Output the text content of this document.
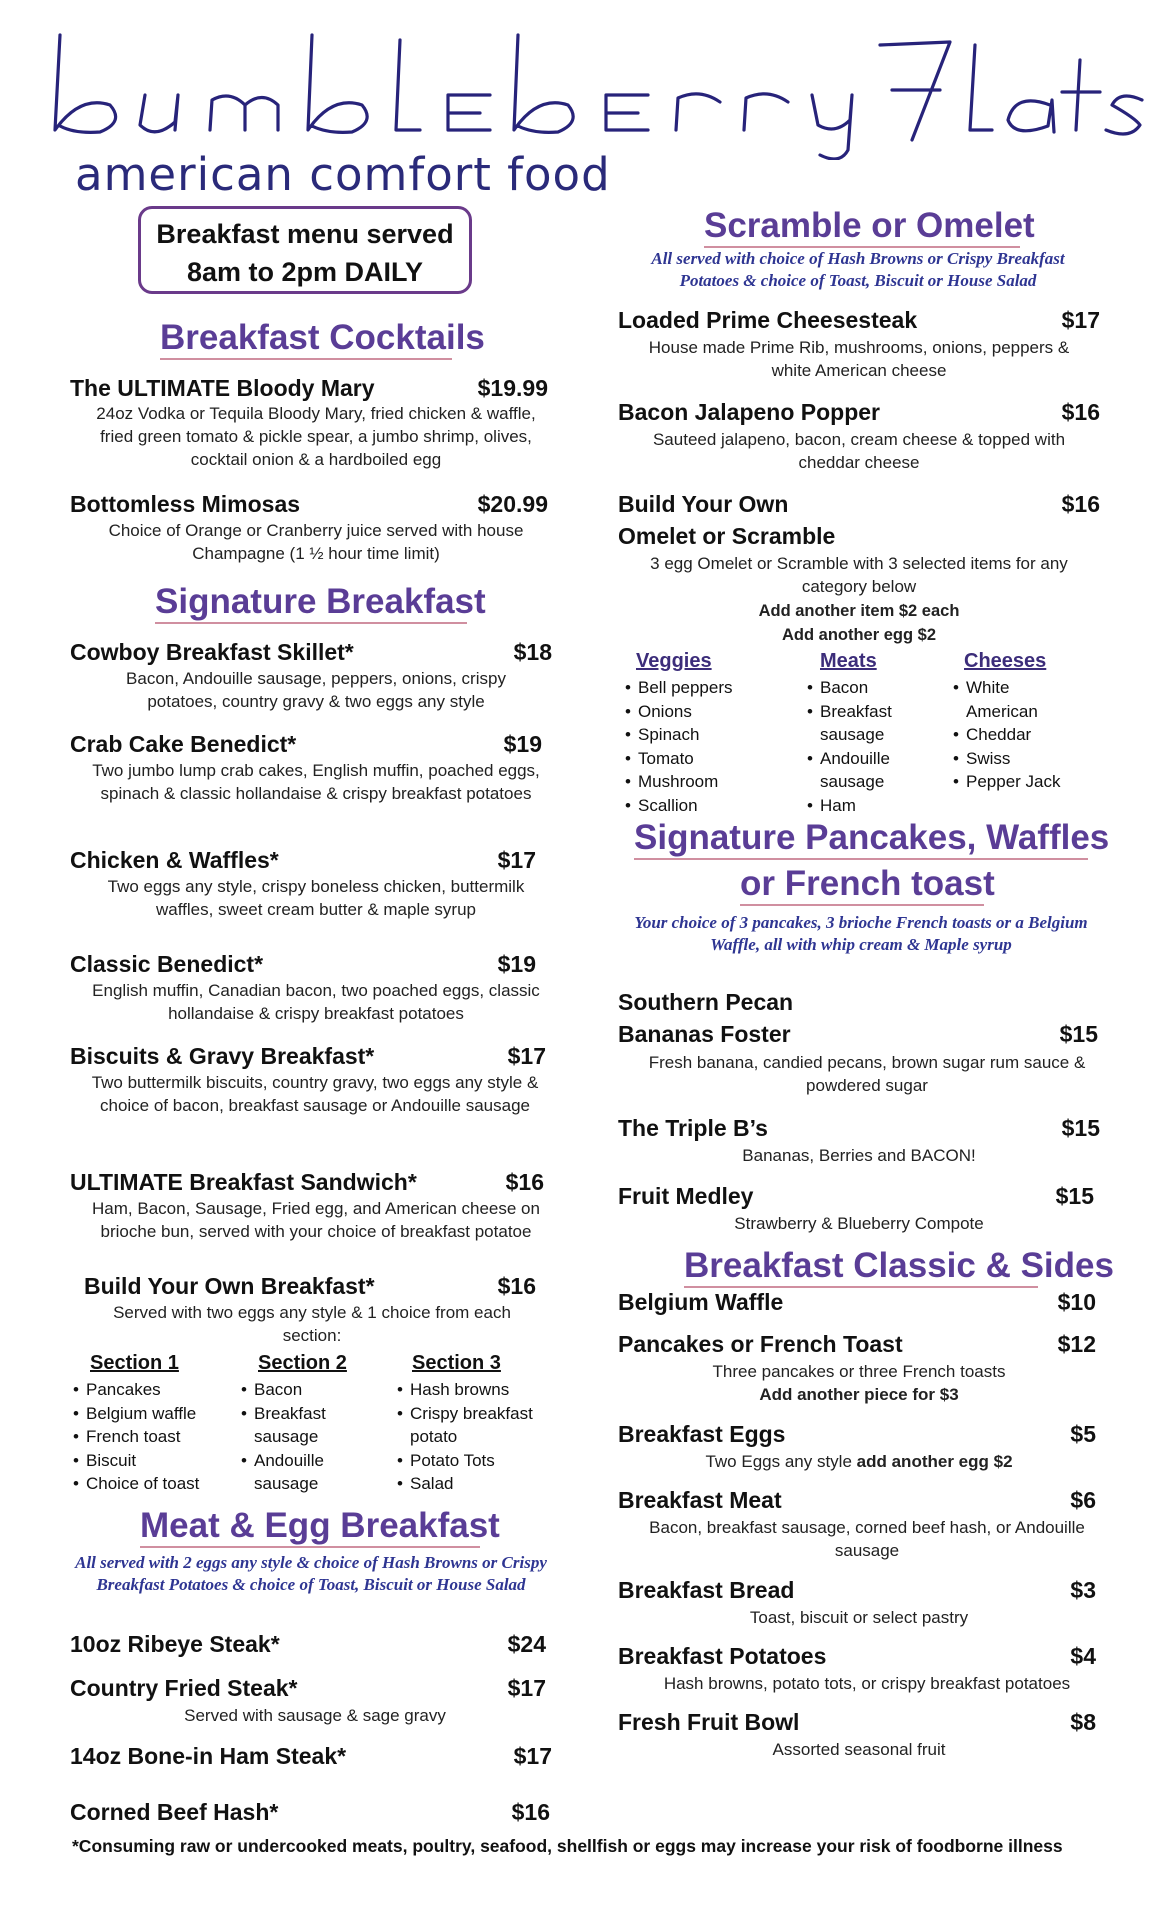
american comfort food
Breakfast menu served
8am to 2pm DAILY
Breakfast Cocktails
The ULTIMATE Bloody Mary	$19.99
24oz Vodka or Tequila Bloody Mary, fried chicken & waffle, fried green tomato & pickle spear, a jumbo shrimp, olives, cocktail onion & a hardboiled egg
Bottomless Mimosas	$20.99
Choice of Orange or Cranberry juice served with house Champagne (1 ½ hour time limit)
Signature Breakfast
Cowboy Breakfast Skillet*	$18
Bacon, Andouille sausage, peppers, onions, crispy potatoes, country gravy & two eggs any style
Crab Cake Benedict*	$19
Two jumbo lump crab cakes, English muffin, poached eggs, spinach & classic hollandaise & crispy breakfast potatoes
Chicken & Waffles*	$17
Two eggs any style, crispy boneless chicken, buttermilk waffles, sweet cream butter & maple syrup
Classic Benedict*	$19
English muffin, Canadian bacon, two poached eggs, classic hollandaise & crispy breakfast potatoes
Biscuits & Gravy Breakfast*	$17
Two buttermilk biscuits, country gravy, two eggs any style & choice of bacon, breakfast sausage or Andouille sausage
ULTIMATE Breakfast Sandwich*	$16
Ham, Bacon, Sausage, Fried egg, and American cheese on brioche bun, served with your choice of breakfast potatoe
Build Your Own Breakfast*	$16
Served with two eggs any style & 1 choice from each section:
Section 1
• Pancakes
• Belgium waffle
• French toast
• Biscuit
• Choice of toast
Section 2
• Bacon
• Breakfast sausage
• Andouille sausage
Section 3
• Hash browns
• Crispy breakfast potato
• Potato Tots
• Salad
Meat & Egg Breakfast
All served with 2 eggs any style & choice of Hash Browns or Crispy Breakfast Potatoes & choice of Toast, Biscuit or House Salad
10oz Ribeye Steak*	$24
Country Fried Steak*	$17
Served with sausage & sage gravy
14oz Bone-in Ham Steak*	$17
Corned Beef Hash*	$16
Scramble or Omelet
All served with choice of Hash Browns or Crispy Breakfast Potatoes & choice of Toast, Biscuit or House Salad
Loaded Prime Cheesesteak	$17
House made Prime Rib, mushrooms, onions, peppers & white American cheese
Bacon Jalapeno Popper	$16
Sauteed jalapeno, bacon, cream cheese & topped with cheddar cheese
Build Your Own	$16
Omelet or Scramble
3 egg Omelet or Scramble with 3 selected items for any category below
Add another item $2 each
Add another egg $2
Veggies
• Bell peppers
• Onions
• Spinach
• Tomato
• Mushroom
• Scallion
Meats
• Bacon
• Breakfast sausage
• Andouille sausage
• Ham
Cheeses
• White American
• Cheddar
• Swiss
• Pepper Jack
Signature Pancakes, Waffles
or French toast
Your choice of 3 pancakes, 3 brioche French toasts or a Belgium Waffle, all with whip cream & Maple syrup
Southern Pecan
Bananas Foster	$15
Fresh banana, candied pecans, brown sugar rum sauce & powdered sugar
The Triple B’s	$15
Bananas, Berries and BACON!
Fruit Medley	$15
Strawberry & Blueberry Compote
Breakfast Classic & Sides
Belgium Waffle	$10
Pancakes or French Toast	$12
Three pancakes or three French toasts
Add another piece for $3
Breakfast Eggs	$5
Two Eggs any style add another egg $2
Breakfast Meat	$6
Bacon, breakfast sausage, corned beef hash, or Andouille sausage
Breakfast Bread	$3
Toast, biscuit or select pastry
Breakfast Potatoes	$4
Hash browns, potato tots, or crispy breakfast potatoes
Fresh Fruit Bowl	$8
Assorted seasonal fruit
*Consuming raw or undercooked meats, poultry, seafood, shellfish or eggs may increase your risk of foodborne illness
